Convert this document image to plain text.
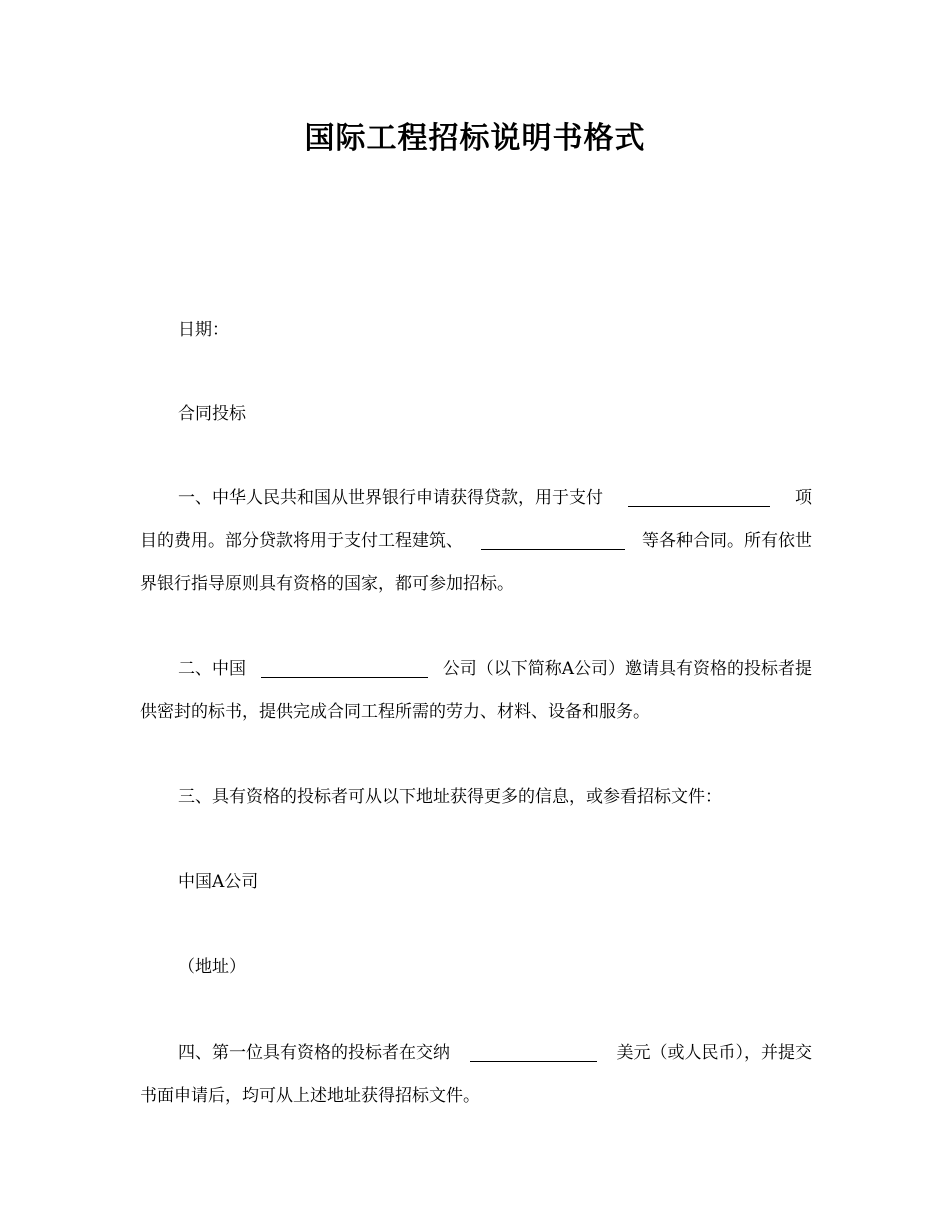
国际工程招标说明书格式
日期：
合同投标
一、中华人民共和国从世界银行申请获得贷款，用于支付	项
目的费用。部分贷款将用于支付工程建筑、	等各种合同。所有依世
界银行指导原则具有资格的国家，都可参加招标。
二、中国	公司（以下简称A公司）邀请具有资格的投标者提
供密封的标书，提供完成合同工程所需的劳力、材料、设备和服务。
三、具有资格的投标者可从以下地址获得更多的信息，或参看招标文件：
中国A公司
（地址）
四、第一位具有资格的投标者在交纳	美元（或人民币），并提交
书面申请后，均可从上述地址获得招标文件。
